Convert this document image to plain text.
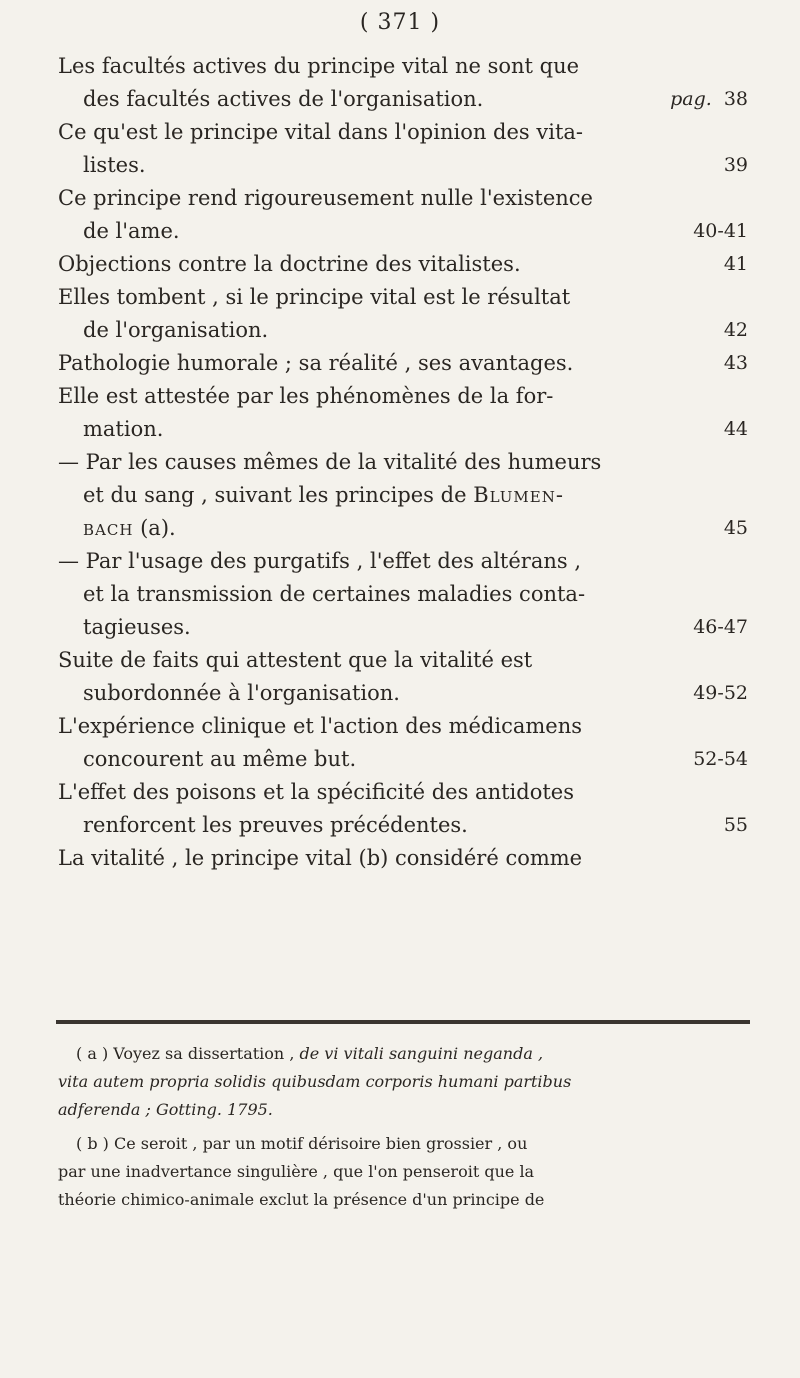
( 371 )
Les facultés actives du principe vital ne sont que
des facultés actives de l'organisation.	pag. 38
Ce qu'est le principe vital dans l'opinion des vita-
listes.	39
Ce principe rend rigoureusement nulle l'existence
de l'ame.	40-41
Objections contre la doctrine des vitalistes.	41
Elles tombent , si le principe vital est le résultat
de l'organisation.	42
Pathologie humorale ; sa réalité , ses avantages.	43
Elle est attestée par les phénomènes de la for-
mation.	44
— Par les causes mêmes de la vitalité des humeurs
et du sang , suivant les principes de Blumen-
bach (a).	45
— Par l'usage des purgatifs , l'effet des altérans ,
et la transmission de certaines maladies conta-
tagieuses.	46-47
Suite de faits qui attestent que la vitalité est
subordonnée à l'organisation.	49-52
L'expérience clinique et l'action des médicamens
concourent au même but.	52-54
L'effet des poisons et la spécificité des antidotes
renforcent les preuves précédentes.	55
La vitalité , le principe vital (b) considéré comme
( a ) Voyez sa dissertation , de vi vitali sanguini neganda ,
vita autem propria solidis quibusdam corporis humani partibus
adferenda ; Gotting. 1795.
( b ) Ce seroit , par un motif dérisoire bien grossier , ou
par une inadvertance singulière , que l'on penseroit que la
théorie chimico-animale exclut la présence d'un principe de
